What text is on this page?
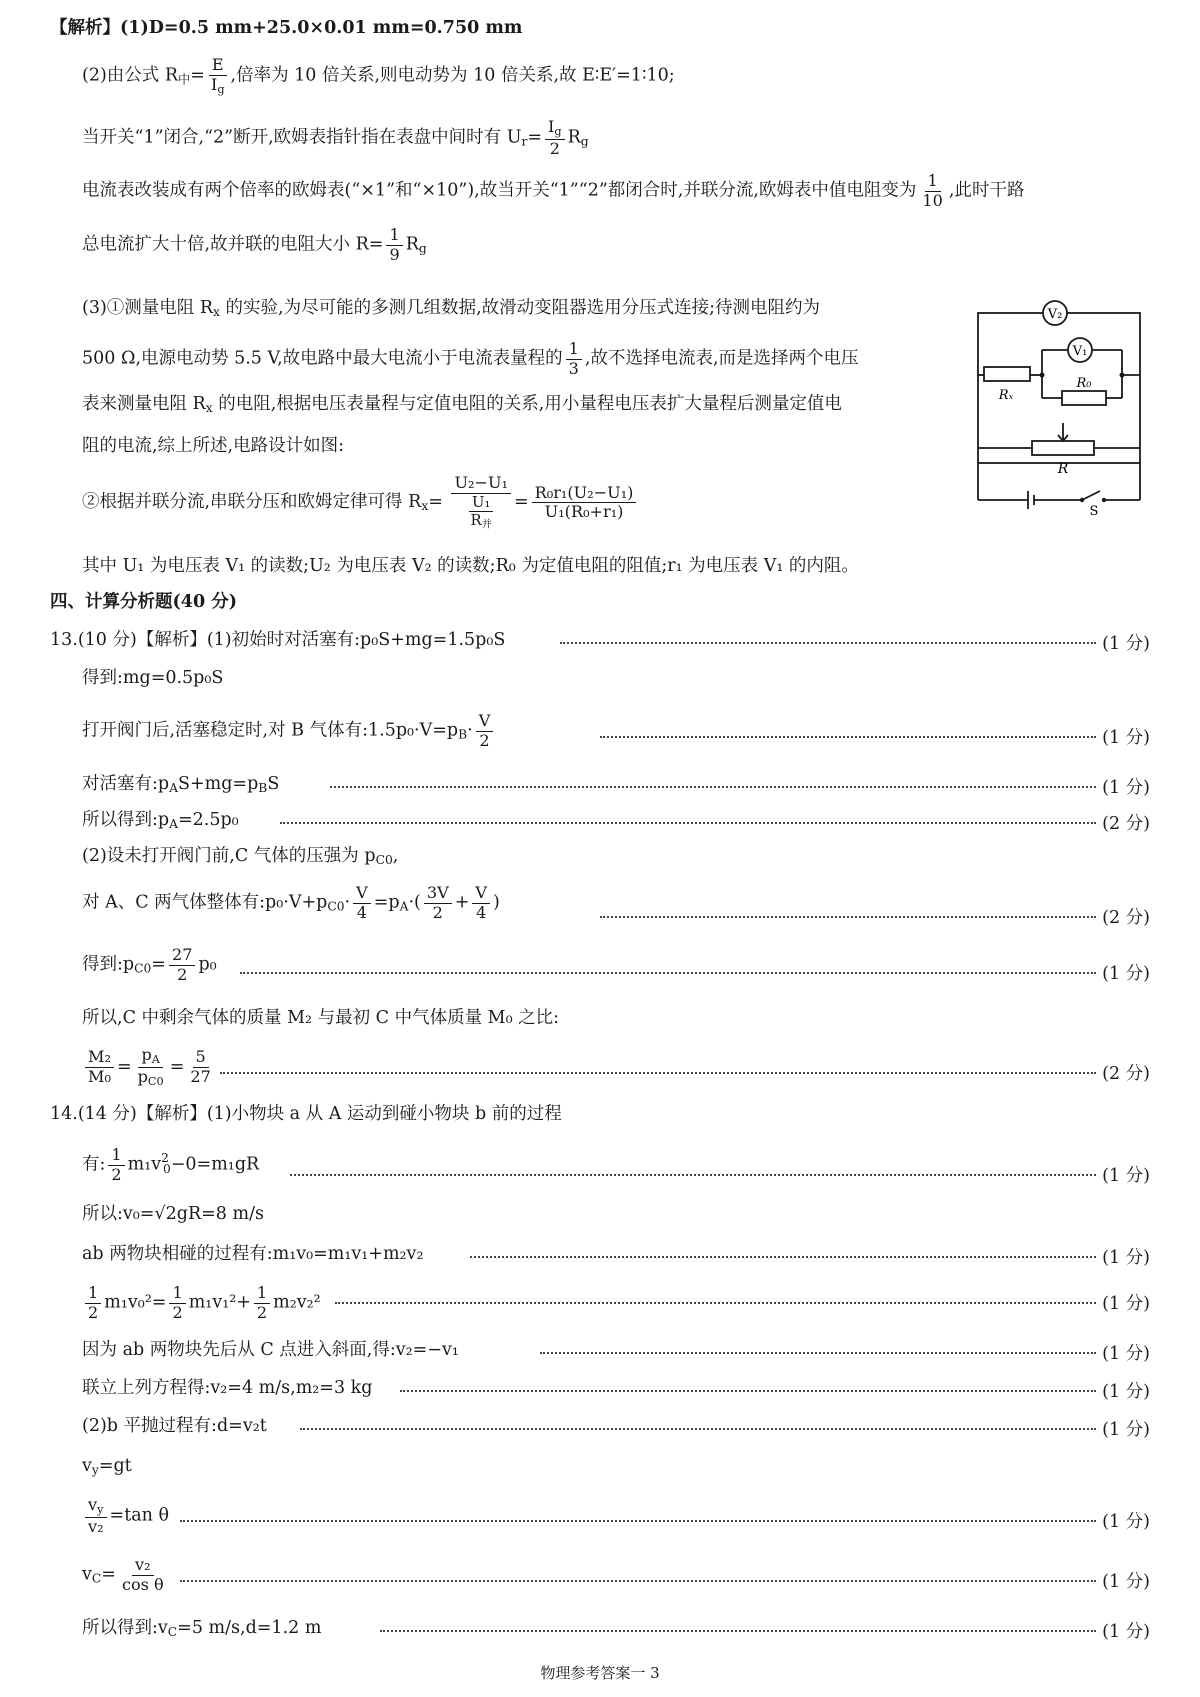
【解析】(1)D=0.5 mm+25.0×0.01 mm=0.750 mm
(2)由公式 $R_中= \frac{E}{I_g}$ ,倍率为 10 倍关系,则电动势为 10 倍关系,故 E∶E′=1∶10;
当开关“1”闭合,“2”断开,欧姆表指针指在表盘中间时有 $U_r= \frac{I_g}{2} R_g$
电流表改装成有两个倍率的欧姆表(“×1”和“×10”),故当开关“1”“2”都闭合时,并联分流,欧姆表中值电阻变为 $\frac{1}{10}$ ,此时干路
总电流扩大十倍,故并联的电阻大小 $R= \frac{1}{9} R_g$
(3)①测量电阻 $R_x$ 的实验,为尽可能的多测几组数据,故滑动变阻器选用分压式连接;待测电阻约为
500 Ω,电源电动势 5.5 V,故电路中最大电流小于电流表量程的 $\frac{1}{3}$ ,故不选择电流表,而是选择两个电压
表来测量电阻 $R_x$ 的电阻,根据电压表量程与定值电阻的关系,用小量程电压表扩大量程后测量定值电
阻的电流,综上所述,电路设计如图:
②根据并联分流,串联分压和欧姆定律可得 $R_x= \frac{\text{U₂−U₁}}{\frac{\text{U₁}}{R_并}} = \frac{\text{R₀r₁(U₂−U₁)}}{\text{U₁(R₀+r₁)}}$
其中 U₁ 为电压表 V₁ 的读数;U₂ 为电压表 V₂ 的读数;R₀ 为定值电阻的阻值;r₁ 为电压表 V₁ 的内阻。
V₂
V₁
R₀
Rₓ
R
S
四、计算分析题(40 分)
13.(10 分)【解析】(1)初始时对活塞有:p₀S+mg=1.5p₀S	(1 分)
得到:mg=0.5p₀S
打开阀门后,活塞稳定时,对 B 气体有$:1.5p_0\cdot V=p_B\cdot \frac{V}{2}$	(1 分)
对活塞有$:p_AS+mg=p_BS$	(1 分)
所以得到$:p_A=2.5p_0$	(2 分)
(2)设未打开阀门前,C 气体的压强为 $p_{C0}$,
对 A、C 两气体整体有$:p_0\cdot V+p_{C0}\cdot \frac{V}{4} =p_A\cdot( \frac{3V}{2} + \frac{V}{4}$ )
(2 分)
得到$:p_{C0}= \frac{27}{2} p_0$	(1 分)
所以,C 中剩余气体的质量 M₂ 与最初 C 中气体质量 M₀ 之比:
$\frac{\text{M₂}}{\text{M₀}} = \frac{p_A}{p_{C0}} = \frac{5}{27}$	(2 分)
14.(14 分)【解析】(1)小物块 a 从 A 运动到碰小物块 b 前的过程
有: $\frac{1}{2} m_1v^2_0-0=m_1gR$
(1 分)
所以:v₀=√2gR=8 m/s
ab 两物块相碰的过程有:m₁v₀=m₁v₁+m₂v₂	(1 分)
$\frac{1}{2} m_1v_0^2= \frac{1}{2} m_1v_1^2+ \frac{1}{2} m_2v_2^2$	(1 分)
因为 ab 两物块先后从 C 点进入斜面,得:v₂=−v₁	(1 分)
联立上列方程得:v₂=4 m/s,m₂=3 kg	(1 分)
(2)b 平抛过程有:d=v₂t	(1 分)
$v_y=gt$
$\frac{v_y}{\text{v₂}} =\tan$ θ	(1 分)
$v_C= \frac{\text{v₂}}{\text{cos θ}}$	(1 分)
所以得到$:v_C=5$ m/s,d=1.2 m	(1 分)
物理参考答案一 3
